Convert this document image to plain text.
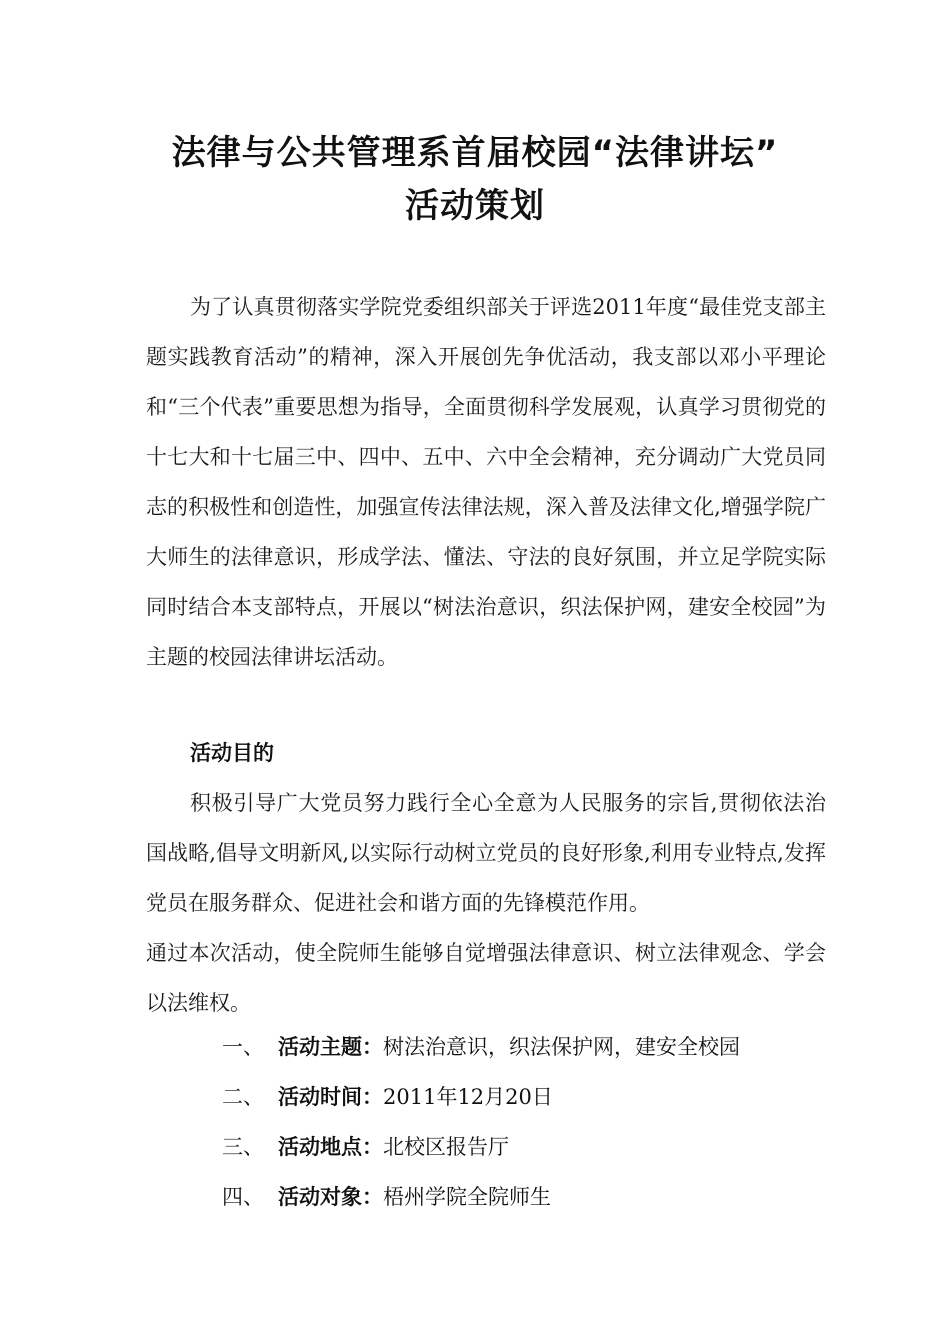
法律与公共管理系首届校园“法律讲坛”
活动策划

为了认真贯彻落实学院党委组织部关于评选2011年度“最佳党支部主题实践教育活动”的精神，深入开展创先争优活动，我支部以邓小平理论和“三个代表”重要思想为指导，全面贯彻科学发展观，认真学习贯彻党的十七大和十七届三中、四中、五中、六中全会精神，充分调动广大党员同志的积极性和创造性，加强宣传法律法规，深入普及法律文化,增强学院广大师生的法律意识，形成学法、懂法、守法的良好氛围，并立足学院实际同时结合本支部特点，开展以“树法治意识，织法保护网，建安全校园”为主题的校园法律讲坛活动。

活动目的

积极引导广大党员努力践行全心全意为人民服务的宗旨,贯彻依法治国战略,倡导文明新风,以实际行动树立党员的良好形象,利用专业特点,发挥党员在服务群众、促进社会和谐方面的先锋模范作用。

通过本次活动，使全院师生能够自觉增强法律意识、树立法律观念、学会以法维权。

一、 活动主题： 树法治意识，织法保护网，建安全校园
二、 活动时间： 2011年12月20日
三、 活动地点： 北校区报告厅
四、 活动对象： 梧州学院全院师生
